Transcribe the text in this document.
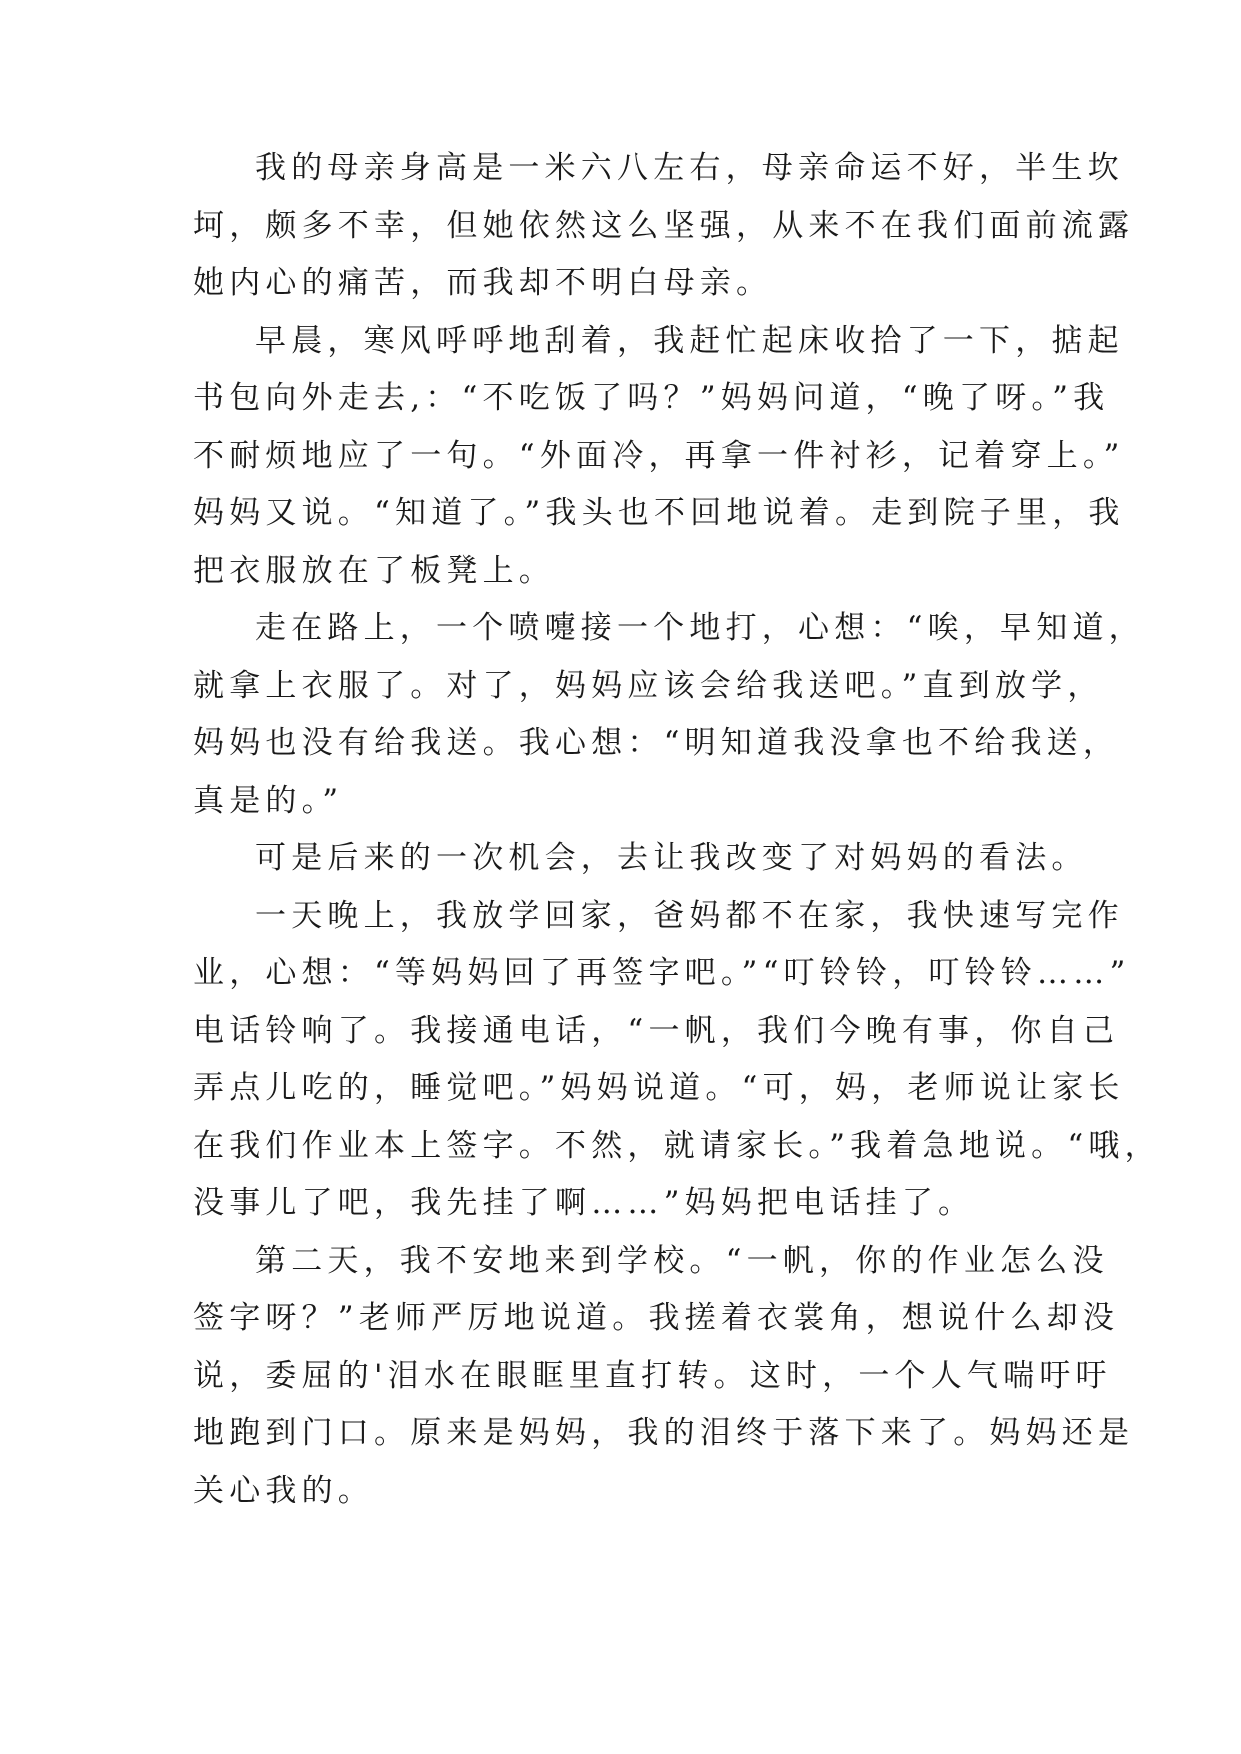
我的母亲身高是一米六八左右，母亲命运不好，半生坎
坷，颇多不幸，但她依然这么坚强，从来不在我们面前流露
她内心的痛苦，而我却不明白母亲。
早晨，寒风呼呼地刮着，我赶忙起床收拾了一下，掂起
书包向外走去,：“不吃饭了吗？”妈妈问道，“晚了呀。”我
不耐烦地应了一句。“外面冷，再拿一件衬衫，记着穿上。”
妈妈又说。“知道了。”我头也不回地说着。走到院子里，我
把衣服放在了板凳上。
走在路上，一个喷嚏接一个地打，心想：“唉，早知道，
就拿上衣服了。对了，妈妈应该会给我送吧。”直到放学，
妈妈也没有给我送。我心想：“明知道我没拿也不给我送，
真是的。”
可是后来的一次机会，去让我改变了对妈妈的看法。
一天晚上，我放学回家，爸妈都不在家，我快速写完作
业，心想：“等妈妈回了再签字吧。”“叮铃铃，叮铃铃……”
电话铃响了。我接通电话，“一帆，我们今晚有事，你自己
弄点儿吃的，睡觉吧。”妈妈说道。“可，妈，老师说让家长
在我们作业本上签字。不然，就请家长。”我着急地说。“哦，
没事儿了吧，我先挂了啊……”妈妈把电话挂了。
第二天，我不安地来到学校。“一帆，你的作业怎么没
签字呀？”老师严厉地说道。我搓着衣裳角，想说什么却没
说，委屈的'泪水在眼眶里直打转。这时，一个人气喘吁吁
地跑到门口。原来是妈妈，我的泪终于落下来了。妈妈还是
关心我的。
